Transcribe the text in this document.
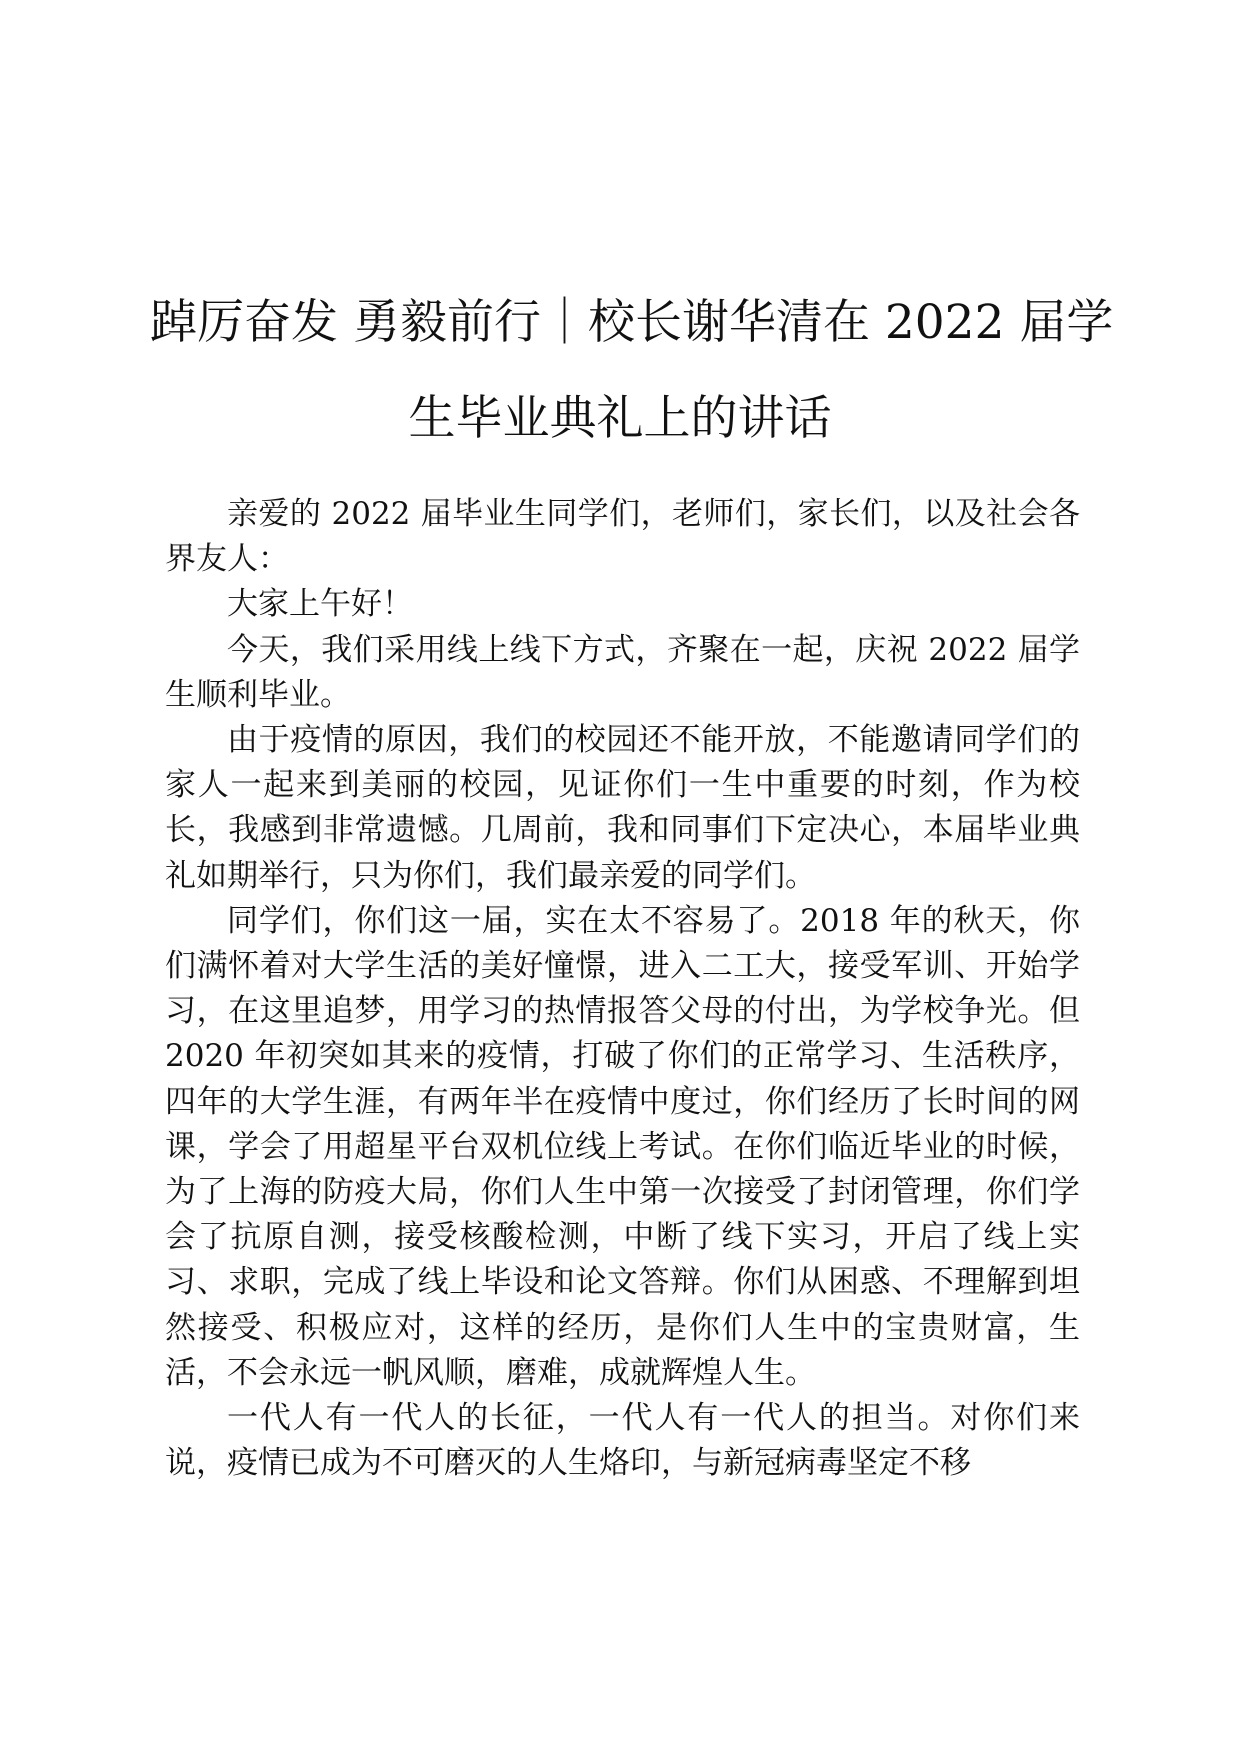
踔厉奋发 勇毅前行｜校长谢华清在 2022 届学
生毕业典礼上的讲话

亲爱的 2022 届毕业生同学们，老师们，家长们，以及社会各界友人：

大家上午好！

今天，我们采用线上线下方式，齐聚在一起，庆祝 2022 届学生顺利毕业。

由于疫情的原因，我们的校园还不能开放，不能邀请同学们的家人一起来到美丽的校园，见证你们一生中重要的时刻，作为校长，我感到非常遗憾。几周前，我和同事们下定决心，本届毕业典礼如期举行，只为你们，我们最亲爱的同学们。

同学们，你们这一届，实在太不容易了。2018 年的秋天，你们满怀着对大学生活的美好憧憬，进入二工大，接受军训、开始学习，在这里追梦，用学习的热情报答父母的付出，为学校争光。但 2020 年初突如其来的疫情，打破了你们的正常学习、生活秩序，四年的大学生涯，有两年半在疫情中度过，你们经历了长时间的网课，学会了用超星平台双机位线上考试。在你们临近毕业的时候，为了上海的防疫大局，你们人生中第一次接受了封闭管理，你们学会了抗原自测，接受核酸检测，中断了线下实习，开启了线上实习、求职，完成了线上毕设和论文答辩。你们从困惑、不理解到坦然接受、积极应对，这样的经历，是你们人生中的宝贵财富，生活，不会永远一帆风顺，磨难，成就辉煌人生。

一代人有一代人的长征，一代人有一代人的担当。对你们来说，疫情已成为不可磨灭的人生烙印，与新冠病毒坚定不移
